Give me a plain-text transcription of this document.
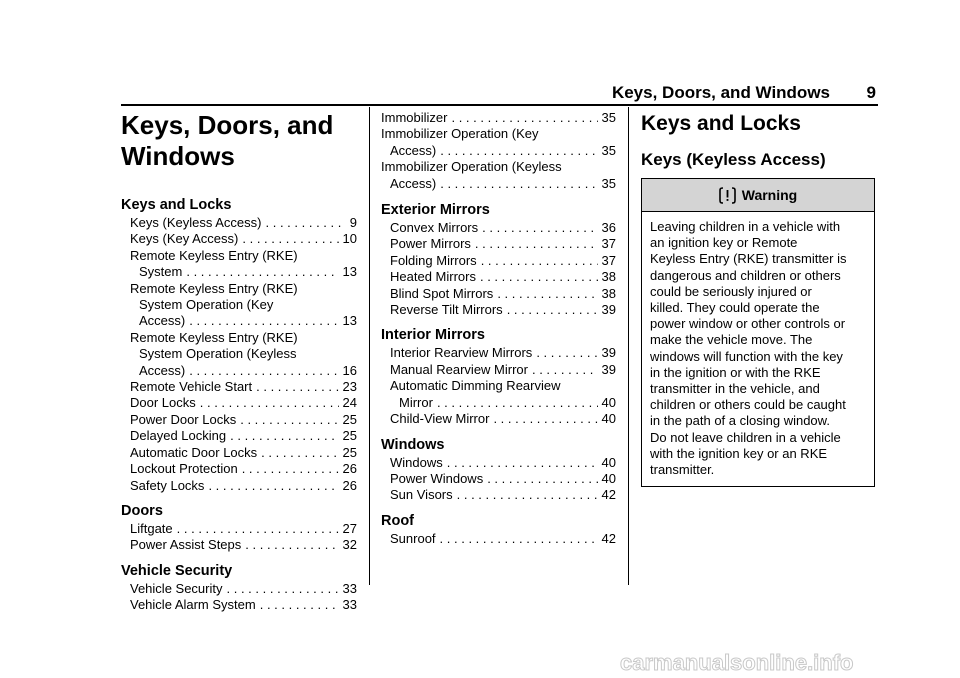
Keys, Doors, and Windows 9
Keys, Doors, and
Windows
Keys and Locks
Keys (Keyless Access) . . .	9
Keys (Key Access) . . .	10
Remote Keyless Entry (RKE)
System . . .	13
Remote Keyless Entry (RKE)
System Operation (Key
Access) . . .	13
Remote Keyless Entry (RKE)
System Operation (Keyless
Access) . . .	16
Remote Vehicle Start . . .	23
Door Locks . . .	24
Power Door Locks . . .	25
Delayed Locking . . .	25
Automatic Door Locks . . .	25
Lockout Protection . . .	26
Safety Locks . . .	26
Doors
Liftgate . . .	27
Power Assist Steps . . .	32
Vehicle Security
Vehicle Security . . .	33
Vehicle Alarm System . . .	33
Immobilizer . . .	35
Immobilizer Operation (Key
Access) . . .	35
Immobilizer Operation (Keyless
Access) . . .	35
Exterior Mirrors
Convex Mirrors . . .	36
Power Mirrors . . .	37
Folding Mirrors . . .	37
Heated Mirrors . . .	38
Blind Spot Mirrors . . .	38
Reverse Tilt Mirrors . . .	39
Interior Mirrors
Interior Rearview Mirrors . . .	39
Manual Rearview Mirror . . .	39
Automatic Dimming Rearview
Mirror . . .	40
Child-View Mirror . . .	40
Windows
Windows . . .	40
Power Windows . . .	40
Sun Visors . . .	42
Roof
Sunroof . . .	42
Keys and Locks
Keys (Keyless Access)
Warning
Leaving children in a vehicle with
an ignition key or Remote
Keyless Entry (RKE) transmitter is
dangerous and children or others
could be seriously injured or
killed. They could operate the
power window or other controls or
make the vehicle move. The
windows will function with the key
in the ignition or with the RKE
transmitter in the vehicle, and
children or others could be caught
in the path of a closing window.
Do not leave children in a vehicle
with the ignition key or an RKE
transmitter.
carmanualsonline.info
